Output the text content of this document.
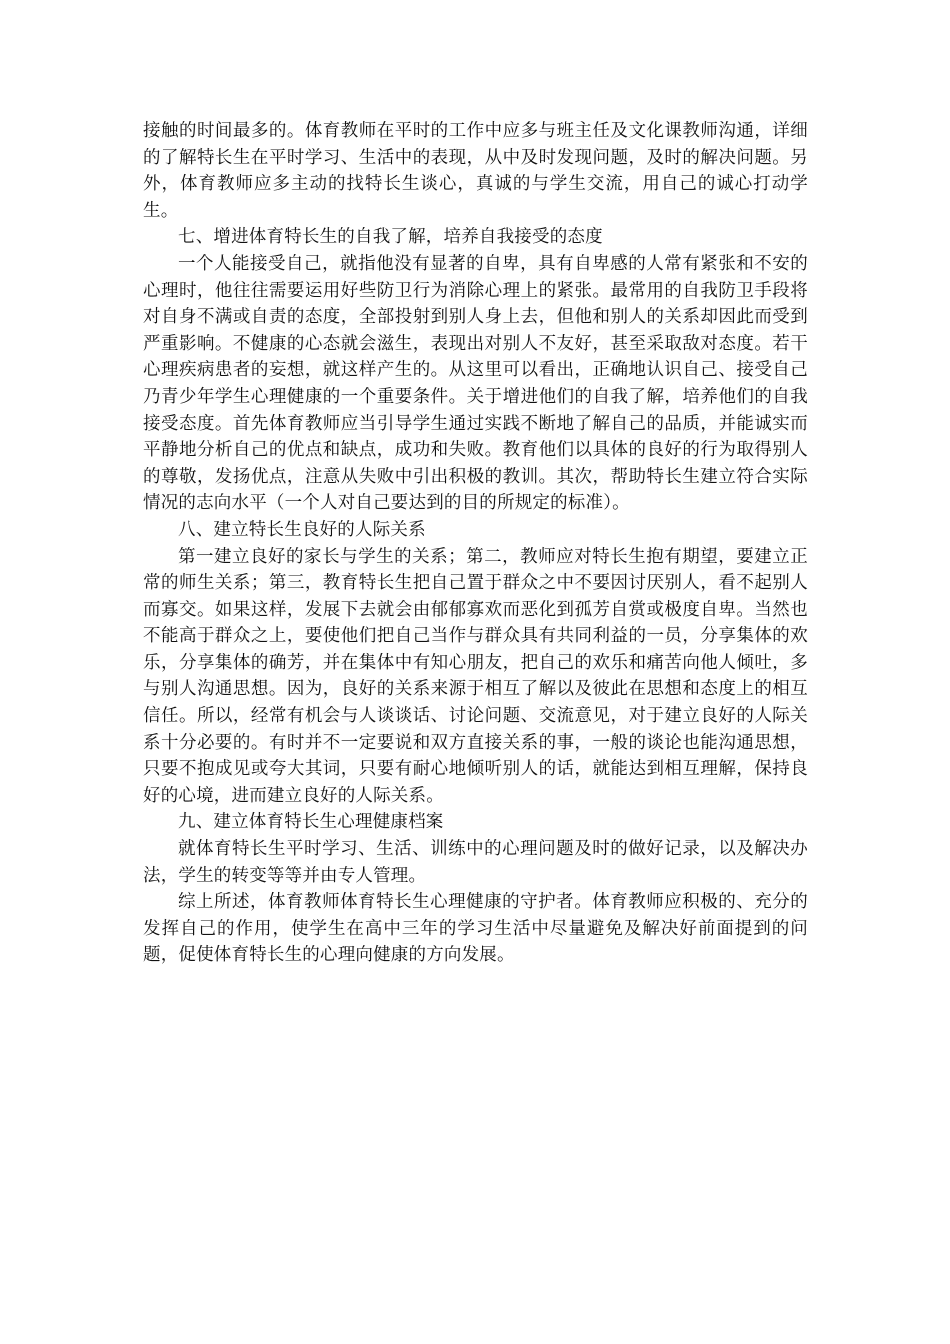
接触的时间最多的。体育教师在平时的工作中应多与班主任及文化课教师沟通，详细的了解特长生在平时学习、生活中的表现，从中及时发现问题，及时的解决问题。另外，体育教师应多主动的找特长生谈心，真诚的与学生交流，用自己的诚心打动学生。

七、增进体育特长生的自我了解，培养自我接受的态度

一个人能接受自己，就指他没有显著的自卑，具有自卑感的人常有紧张和不安的心理时，他往往需要运用好些防卫行为消除心理上的紧张。最常用的自我防卫手段将对自身不满或自责的态度，全部投射到别人身上去，但他和别人的关系却因此而受到严重影响。不健康的心态就会滋生，表现出对别人不友好，甚至采取敌对态度。若干心理疾病患者的妄想，就这样产生的。从这里可以看出，正确地认识自己、接受自己乃青少年学生心理健康的一个重要条件。关于增进他们的自我了解，培养他们的自我接受态度。首先体育教师应当引导学生通过实践不断地了解自己的品质，并能诚实而平静地分析自己的优点和缺点，成功和失败。教育他们以具体的良好的行为取得别人的尊敬，发扬优点，注意从失败中引出积极的教训。其次，帮助特长生建立符合实际情况的志向水平（一个人对自己要达到的目的所规定的标准）。

八、建立特长生良好的人际关系

第一建立良好的家长与学生的关系；第二，教师应对特长生抱有期望，要建立正常的师生关系；第三，教育特长生把自己置于群众之中不要因讨厌别人，看不起别人而寡交。如果这样，发展下去就会由郁郁寡欢而恶化到孤芳自赏或极度自卑。当然也不能高于群众之上，要使他们把自己当作与群众具有共同利益的一员，分享集体的欢乐，分享集体的确芳，并在集体中有知心朋友，把自己的欢乐和痛苦向他人倾吐，多与别人沟通思想。因为，良好的关系来源于相互了解以及彼此在思想和态度上的相互信任。所以，经常有机会与人谈谈话、讨论问题、交流意见，对于建立良好的人际关系十分必要的。有时并不一定要说和双方直接关系的事，一般的谈论也能沟通思想，只要不抱成见或夸大其词，只要有耐心地倾听别人的话，就能达到相互理解，保持良好的心境，进而建立良好的人际关系。

九、建立体育特长生心理健康档案

就体育特长生平时学习、生活、训练中的心理问题及时的做好记录，以及解决办法，学生的转变等等并由专人管理。

综上所述，体育教师体育特长生心理健康的守护者。体育教师应积极的、充分的发挥自己的作用，使学生在高中三年的学习生活中尽量避免及解决好前面提到的问题，促使体育特长生的心理向健康的方向发展。
